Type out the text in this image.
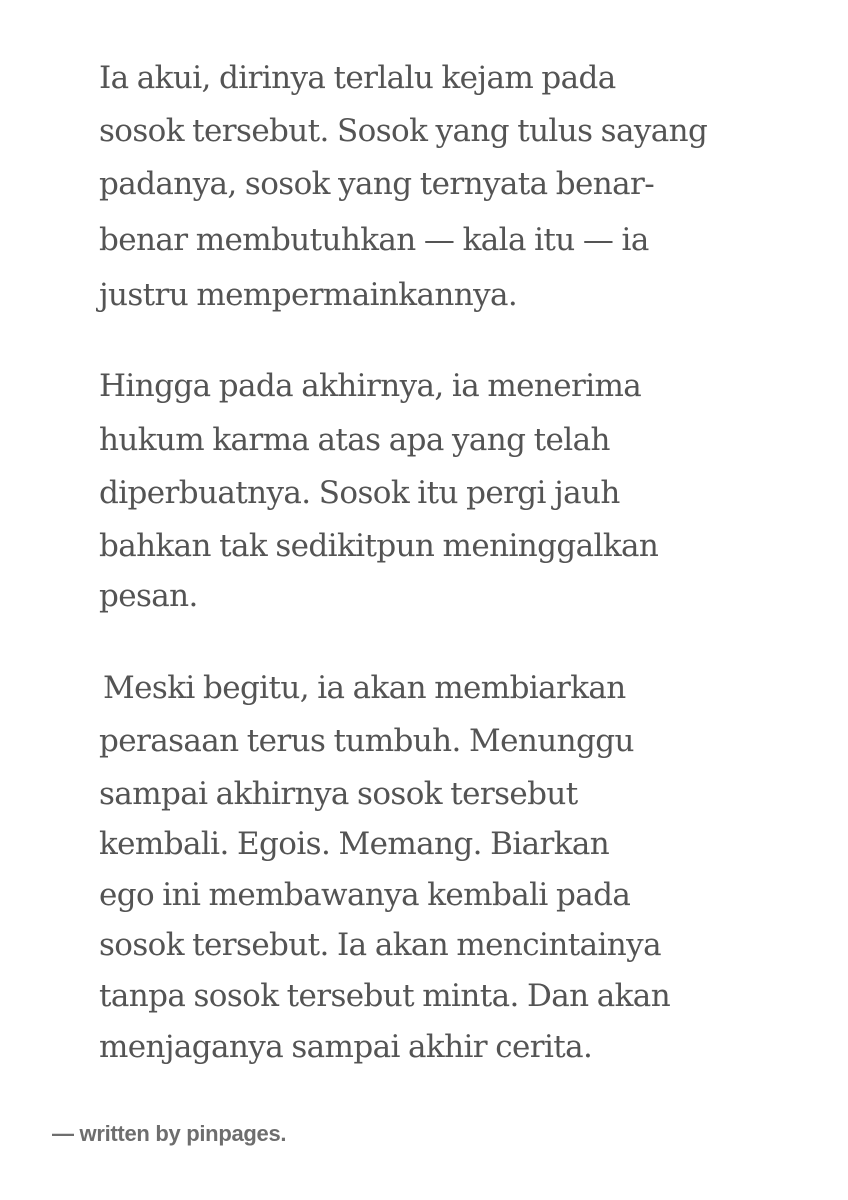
Ia akui, dirinya terlalu kejam pada
sosok tersebut. Sosok yang tulus sayang
padanya, sosok yang ternyata benar-
benar membutuhkan — kala itu — ia
justru mempermainkannya.
Hingga pada akhirnya, ia menerima
hukum karma atas apa yang telah
diperbuatnya. Sosok itu pergi jauh
bahkan tak sedikitpun meninggalkan
pesan.
Meski begitu, ia akan membiarkan
perasaan terus tumbuh. Menunggu
sampai akhirnya sosok tersebut
kembali. Egois. Memang. Biarkan
ego ini membawanya kembali pada
sosok tersebut. Ia akan mencintainya
tanpa sosok tersebut minta. Dan akan
menjaganya sampai akhir cerita.
— written by pinpages.
